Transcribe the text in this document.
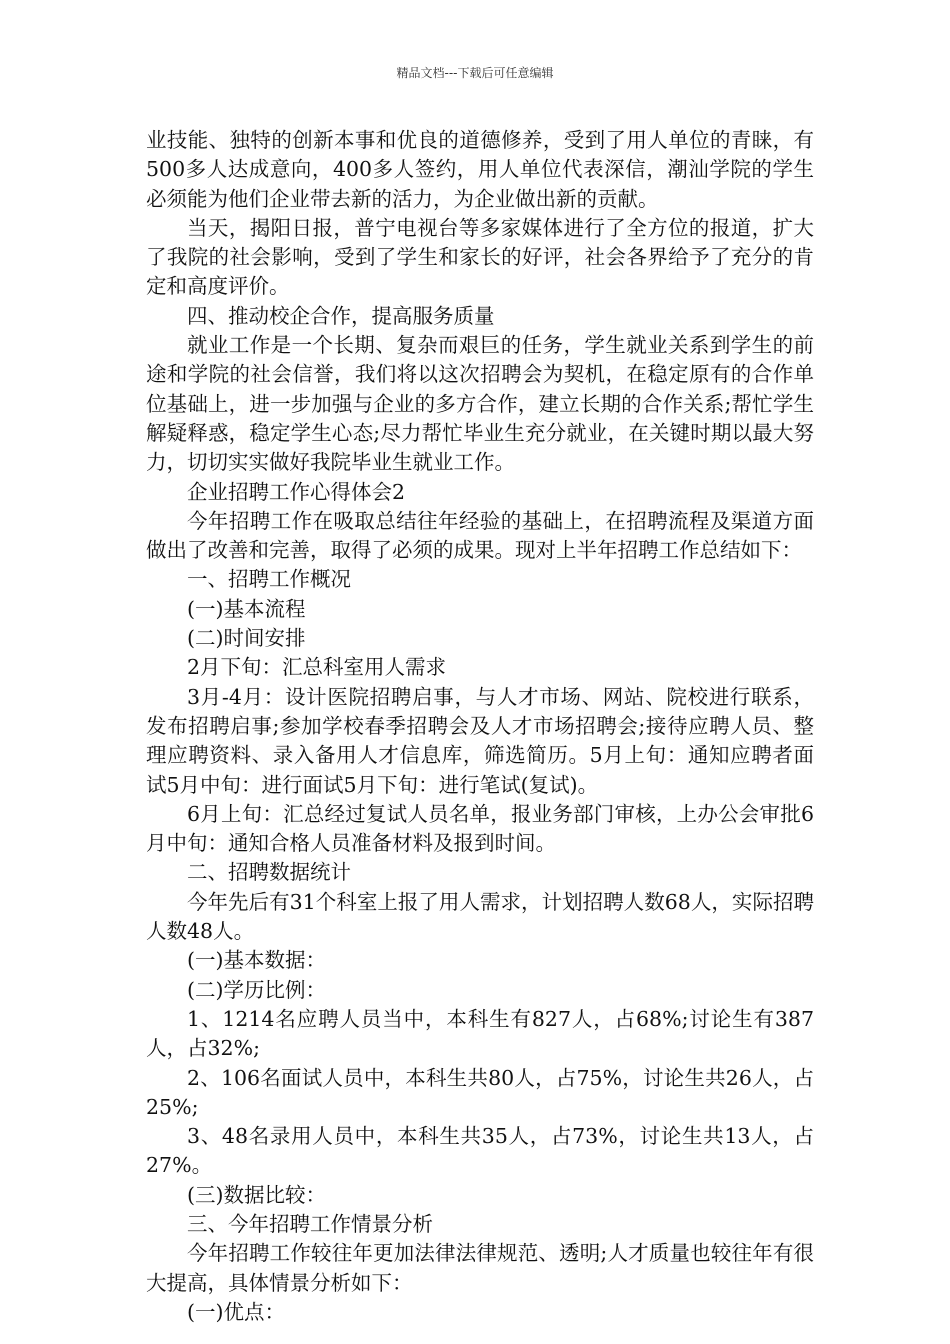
精品文档---下载后可任意编辑

业技能、独特的创新本事和优良的道德修养，受到了用人单位的青睐，有500多人达成意向，400多人签约，用人单位代表深信，潮汕学院的学生必须能为他们企业带去新的活力，为企业做出新的贡献。

当天，揭阳日报，普宁电视台等多家媒体进行了全方位的报道，扩大了我院的社会影响，受到了学生和家长的好评，社会各界给予了充分的肯定和高度评价。

四、推动校企合作，提高服务质量

就业工作是一个长期、复杂而艰巨的任务，学生就业关系到学生的前途和学院的社会信誉，我们将以这次招聘会为契机，在稳定原有的合作单位基础上，进一步加强与企业的多方合作，建立长期的合作关系;帮忙学生解疑释惑，稳定学生心态;尽力帮忙毕业生充分就业，在关键时期以最大努力，切切实实做好我院毕业生就业工作。

企业招聘工作心得体会2

今年招聘工作在吸取总结往年经验的基础上，在招聘流程及渠道方面做出了改善和完善，取得了必须的成果。现对上半年招聘工作总结如下：

一、招聘工作概况

(一)基本流程

(二)时间安排

2月下旬：汇总科室用人需求

3月-4月：设计医院招聘启事，与人才市场、网站、院校进行联系，发布招聘启事;参加学校春季招聘会及人才市场招聘会;接待应聘人员、整理应聘资料、录入备用人才信息库，筛选简历。5月上旬：通知应聘者面试5月中旬：进行面试5月下旬：进行笔试(复试)。

6月上旬：汇总经过复试人员名单，报业务部门审核，上办公会审批6月中旬：通知合格人员准备材料及报到时间。

二、招聘数据统计

今年先后有31个科室上报了用人需求，计划招聘人数68人，实际招聘人数48人。

(一)基本数据：

(二)学历比例：

1、1214名应聘人员当中，本科生有827人，占68%;讨论生有387人，占32%;

2、106名面试人员中，本科生共80人，占75%，讨论生共26人，占25%;

3、48名录用人员中，本科生共35人，占73%，讨论生共13人，占27%。

(三)数据比较：

三、今年招聘工作情景分析

今年招聘工作较往年更加法律法律规范、透明;人才质量也较往年有很大提高，具体情景分析如下：

(一)优点：
